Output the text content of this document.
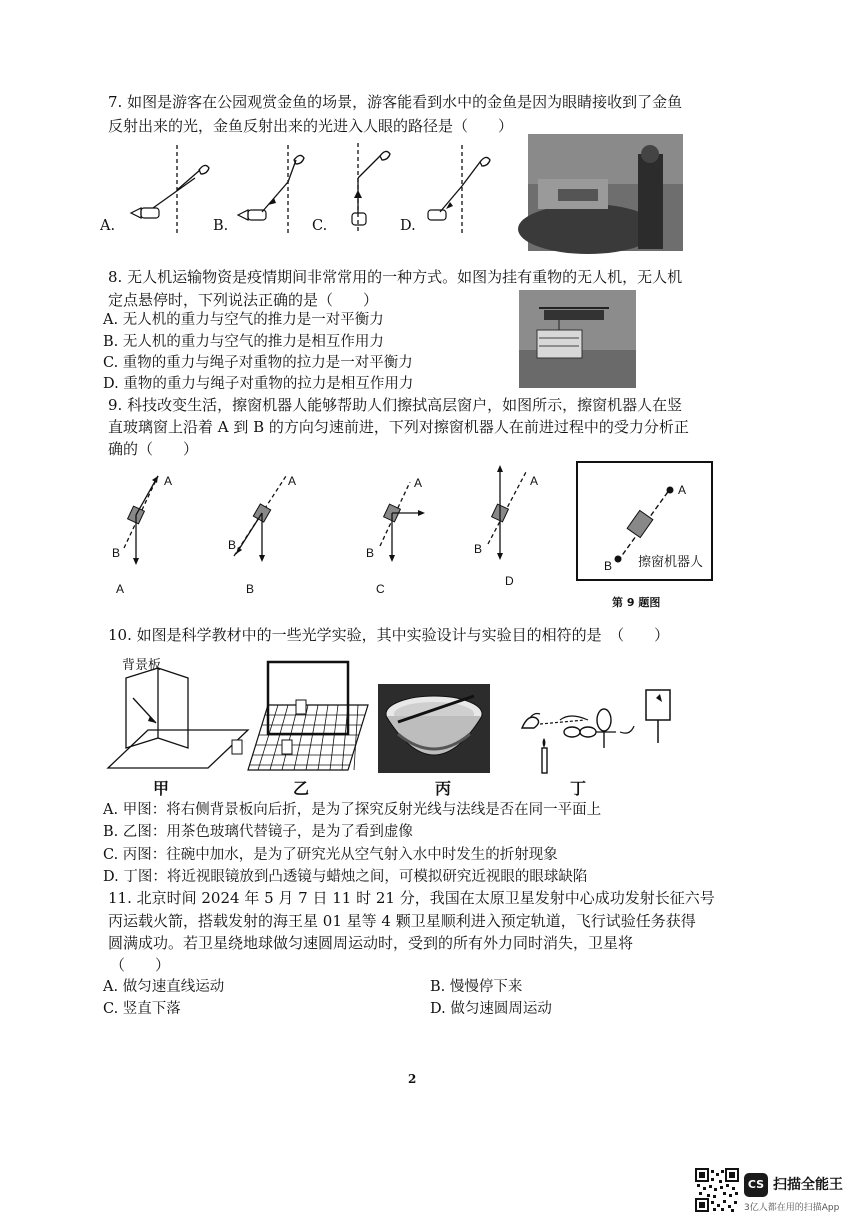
7. 如图是游客在公园观赏金鱼的场景，游客能看到水中的金鱼是因为眼睛接收到了金鱼
反射出来的光，金鱼反射出来的光进入人眼的路径是（　　）
A.	B.	C.	D.
8. 无人机运输物资是疫情期间非常常用的一种方式。如图为挂有重物的无人机，无人机
定点悬停时，下列说法正确的是（　　）
A. 无人机的重力与空气的推力是一对平衡力
B. 无人机的重力与空气的推力是相互作用力
C. 重物的重力与绳子对重物的拉力是一对平衡力
D. 重物的重力与绳子对重物的拉力是相互作用力
9. 科技改变生活，擦窗机器人能够帮助人们擦拭高层窗户，如图所示，擦窗机器人在竖
直玻璃窗上沿着 A 到 B 的方向匀速前进，下列对擦窗机器人在前进过程中的受力分析正
确的（　　）
A
B
A
A
B
B
A
B
C
A
B
D
A
B 擦窗机器人
第 9 题图
10. 如图是科学教材中的一些光学实验，其中实验设计与实验目的相符的是　（　　）
背景板
甲	乙	丙	丁
A. 甲图：将右侧背景板向后折，是为了探究反射光线与法线是否在同一平面上
B. 乙图：用茶色玻璃代替镜子，是为了看到虚像
C. 丙图：往碗中加水，是为了研究光从空气射入水中时发生的折射现象
D. 丁图：将近视眼镜放到凸透镜与蜡烛之间，可模拟研究近视眼的眼球缺陷
11. 北京时间 2024 年 5 月 7 日 11 时 21 分，我国在太原卫星发射中心成功发射长征六号
丙运载火箭，搭载发射的海王星 01 星等 4 颗卫星顺利进入预定轨道，飞行试验任务获得
圆满成功。若卫星绕地球做匀速圆周运动时，受到的所有外力同时消失，卫星将
（　　）
A. 做匀速直线运动	B. 慢慢停下来
C. 竖直下落	D. 做匀速圆周运动
2
CS 扫描全能王
3亿人都在用的扫描App
